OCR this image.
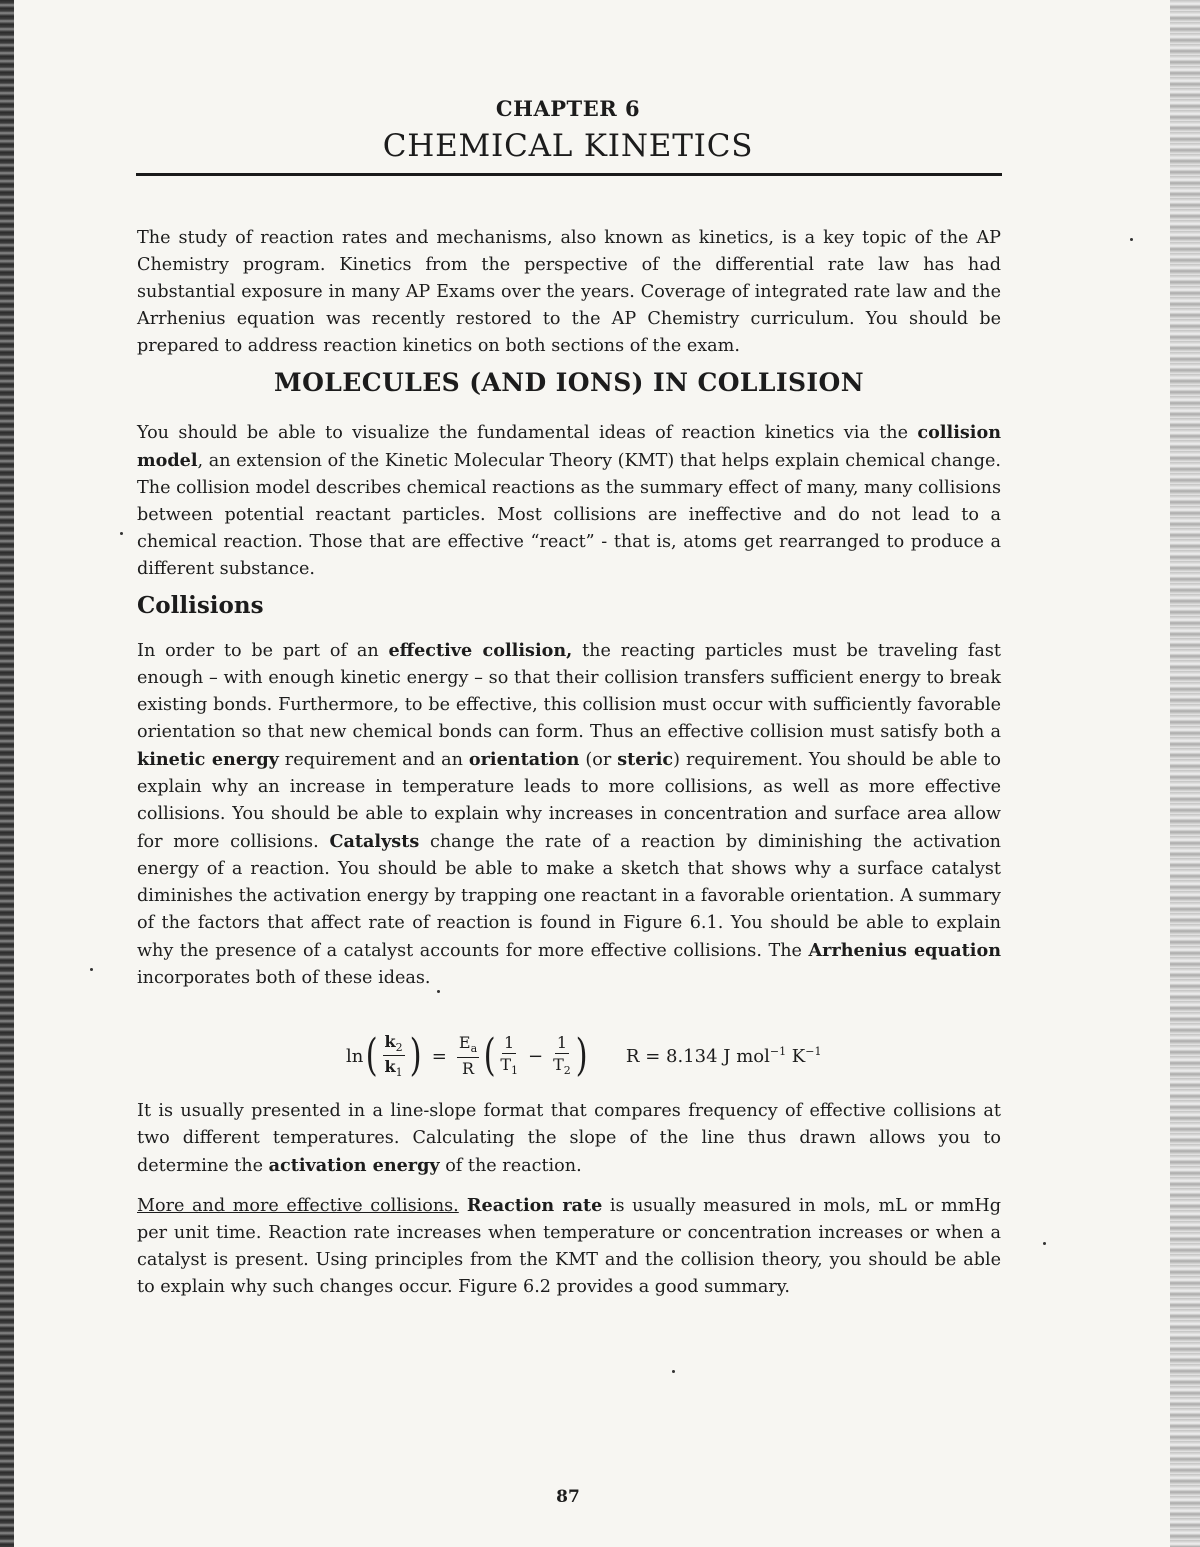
CHAPTER 6
CHEMICAL KINETICS

The study of reaction rates and mechanisms, also known as kinetics, is a key topic of the AP Chemistry program. Kinetics from the perspective of the differential rate law has had substantial exposure in many AP Exams over the years. Coverage of integrated rate law and the Arrhenius equation was recently restored to the AP Chemistry curriculum. You should be prepared to address reaction kinetics on both sections of the exam.

MOLECULES (AND IONS) IN COLLISION

You should be able to visualize the fundamental ideas of reaction kinetics via the collision model, an extension of the Kinetic Molecular Theory (KMT) that helps explain chemical change. The collision model describes chemical reactions as the summary effect of many, many collisions between potential reactant particles. Most collisions are ineffective and do not lead to a chemical reaction. Those that are effective “react” - that is, atoms get rearranged to produce a different substance.

Collisions

In order to be part of an effective collision, the reacting particles must be traveling fast enough – with enough kinetic energy – so that their collision transfers sufficient energy to break existing bonds. Furthermore, to be effective, this collision must occur with sufficiently favorable orientation so that new chemical bonds can form. Thus an effective collision must satisfy both a kinetic energy requirement and an orientation (or steric) requirement. You should be able to explain why an increase in temperature leads to more collisions, as well as more effective collisions. You should be able to explain why increases in concentration and surface area allow for more collisions. Catalysts change the rate of a reaction by diminishing the activation energy of a reaction. You should be able to make a sketch that shows why a surface catalyst diminishes the activation energy by trapping one reactant in a favorable orientation. A summary of the factors that affect rate of reaction is found in Figure 6.1. You should be able to explain why the presence of a catalyst accounts for more effective collisions. The Arrhenius equation incorporates both of these ideas.

ln ( $\frac{k_2}{k_1}$ ) = $\frac{E_a}{R}$ ( $\frac{1}{T_1} - \frac{1}{T_2}$ ) R = 8.134 J mol$^{-1}$ $K^{-1}$

It is usually presented in a line-slope format that compares frequency of effective collisions at two different temperatures. Calculating the slope of the line thus drawn allows you to determine the activation energy of the reaction.

More and more effective collisions. Reaction rate is usually measured in mols, mL or mmHg per unit time. Reaction rate increases when temperature or concentration increases or when a catalyst is present. Using principles from the KMT and the collision theory, you should be able to explain why such changes occur. Figure 6.2 provides a good summary.

87
